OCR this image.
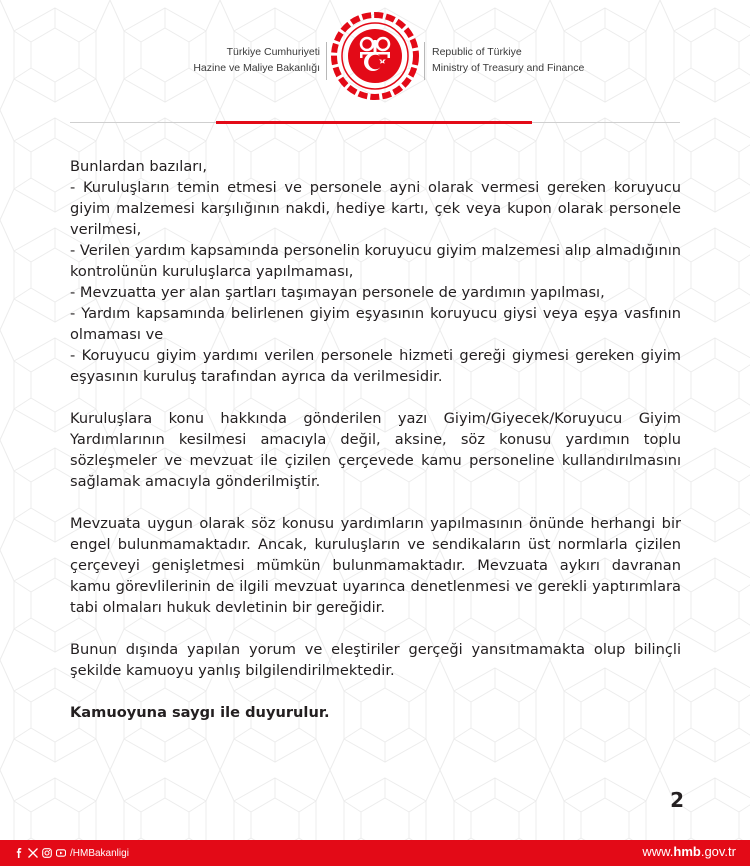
Türkiye Cumhuriyeti
Hazine ve Maliye Bakanlığı
Republic of Türkiye
Ministry of Treasury and Finance

Bunlardan bazıları,

- Kuruluşların temin etmesi ve personele ayni olarak vermesi gereken koruyucu giyim malzemesi karşılığının nakdi, hediye kartı, çek veya kupon olarak personele verilmesi,

- Verilen yardım kapsamında personelin koruyucu giyim malzemesi alıp almadığının kontrolünün kuruluşlarca yapılmaması,

- Mevzuatta yer alan şartları taşımayan personele de yardımın yapılması,

- Yardım kapsamında belirlenen giyim eşyasının koruyucu giysi veya eşya vasfının olmaması ve

- Koruyucu giyim yardımı verilen personele hizmeti gereği giymesi gereken giyim eşyasının kuruluş tarafından ayrıca da verilmesidir.

Kuruluşlara konu hakkında gönderilen yazı Giyim/Giyecek/Koruyucu Giyim Yardımlarının kesilmesi amacıyla değil, aksine, söz konusu yardımın toplu sözleşmeler ve mevzuat ile çizilen çerçevede kamu personeline kullandırılmasını sağlamak amacıyla gönderilmiştir.

Mevzuata uygun olarak söz konusu yardımların yapılmasının önünde herhangi bir engel bulunmamaktadır. Ancak, kuruluşların ve sendikaların üst normlarla çizilen çerçeveyi genişletmesi mümkün bulunmamaktadır. Mevzuata aykırı davranan kamu görevlilerinin de ilgili mevzuat uyarınca denetlenmesi ve gerekli yaptırımlara tabi olmaları hukuk devletinin bir gereğidir.

Bunun dışında yapılan yorum ve eleştiriler gerçeği yansıtmamakta olup bilinçli şekilde kamuoyu yanlış bilgilendirilmektedir.

Kamuoyuna saygı ile duyurulur.

2
/HMBakanligi	www.hmb.gov.tr
